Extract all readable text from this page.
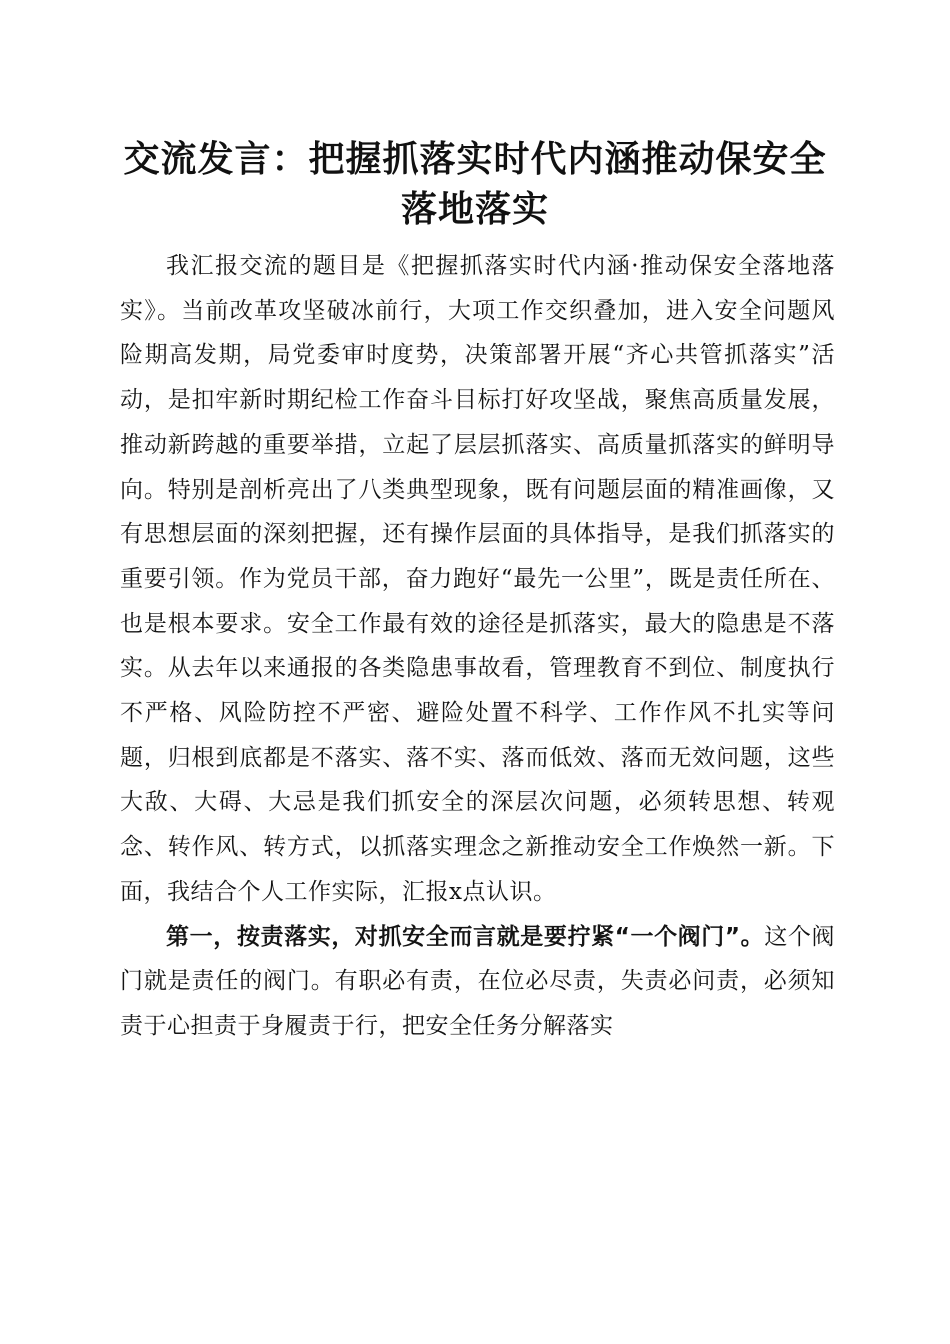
交流发言：把握抓落实时代内涵推动保安全落地落实

我汇报交流的题目是《把握抓落实时代内涵·推动保安全落地落实》。当前改革攻坚破冰前行，大项工作交织叠加，进入安全问题风险期高发期，局党委审时度势，决策部署开展“齐心共管抓落实”活动，是扣牢新时期纪检工作奋斗目标打好攻坚战，聚焦高质量发展，推动新跨越的重要举措，立起了层层抓落实、高质量抓落实的鲜明导向。特别是剖析亮出了八类典型现象，既有问题层面的精准画像，又有思想层面的深刻把握，还有操作层面的具体指导，是我们抓落实的重要引领。作为党员干部，奋力跑好“最先一公里”，既是责任所在、也是根本要求。安全工作最有效的途径是抓落实，最大的隐患是不落实。从去年以来通报的各类隐患事故看，管理教育不到位、制度执行不严格、风险防控不严密、避险处置不科学、工作作风不扎实等问题，归根到底都是不落实、落不实、落而低效、落而无效问题，这些大敌、大碍、大忌是我们抓安全的深层次问题，必须转思想、转观念、转作风、转方式，以抓落实理念之新推动安全工作焕然一新。下面，我结合个人工作实际，汇报x点认识。

第一，按责落实，对抓安全而言就是要拧紧“一个阀门”。这个阀门就是责任的阀门。有职必有责，在位必尽责，失责必问责，必须知责于心担责于身履责于行，把安全任务分解落实
